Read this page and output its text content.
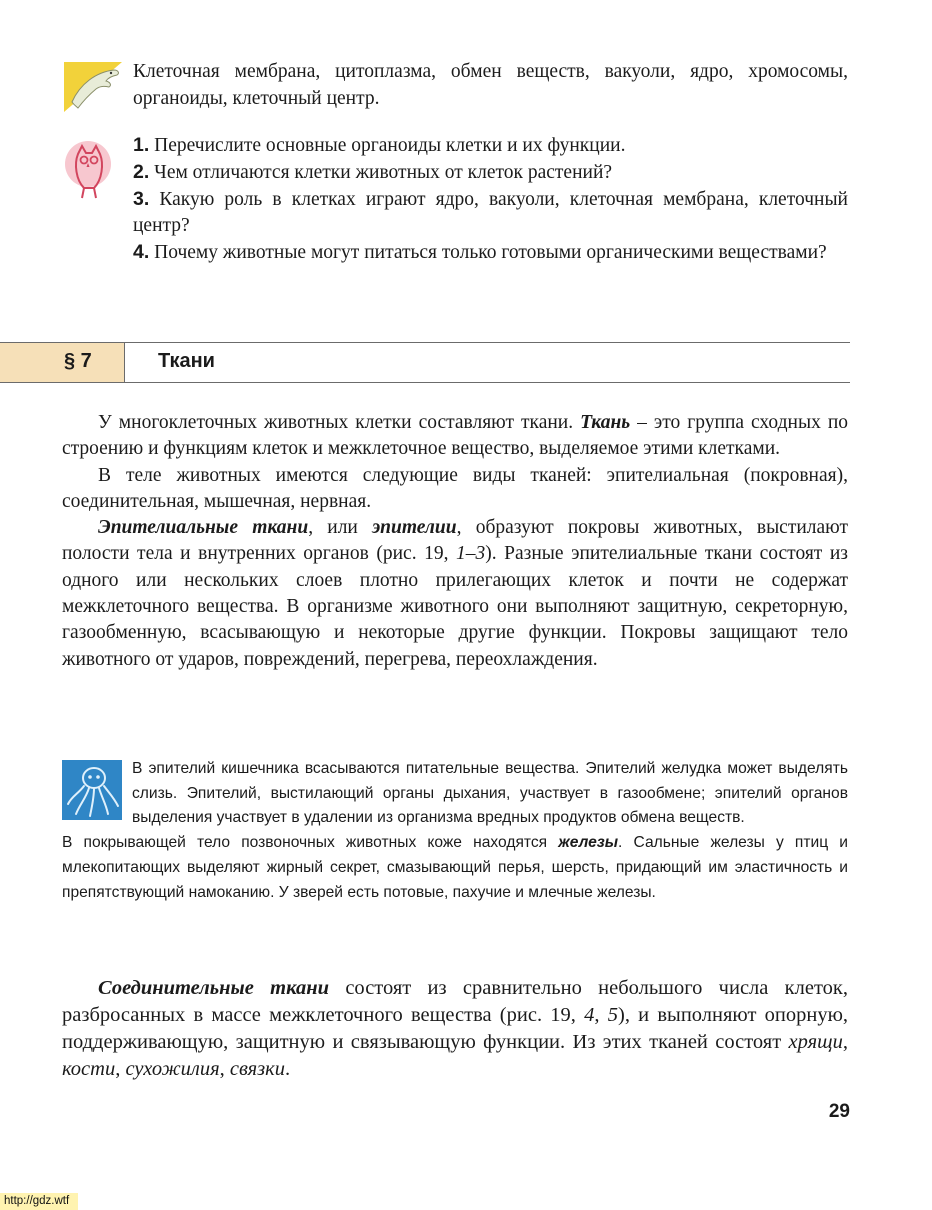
Клеточная мембрана, цитоплазма, обмен веществ, вакуоли, ядро, хромосомы, органоиды, клеточный центр.

1. Перечислите основные органоиды клетки и их функции.

2. Чем отличаются клетки животных от клеток растений?

3. Какую роль в клетках играют ядро, вакуоли, клеточная мембрана, клеточный центр?

4. Почему животные могут питаться только готовыми органическими веществами?

§ 7	Ткани

У многоклеточных животных клетки составляют ткани. Ткань – это группа сходных по строению и функциям клеток и межклеточное вещество, выделяемое этими клетками.

В теле животных имеются следующие виды тканей: эпителиальная (покровная), соединительная, мышечная, нервная.

Эпителиальные ткани, или эпителии, образуют покровы животных, выстилают полости тела и внутренних органов (рис. 19, 1–3). Разные эпителиальные ткани состоят из одного или нескольких слоев плотно прилегающих клеток и почти не содержат межклеточного вещества. В организме животного они выполняют защитную, секреторную, газообменную, всасывающую и некоторые другие функции. Покровы защищают тело животного от ударов, повреждений, перегрева, переохлаждения.

В эпителий кишечника всасываются питательные вещества. Эпителий желудка может выделять слизь. Эпителий, выстилающий органы дыхания, участвует в газообмене; эпителий органов выделения участвует в удалении из организма вредных продуктов обмена веществ.

В покрывающей тело позвоночных животных коже находятся железы. Сальные железы у птиц и млекопитающих выделяют жирный секрет, смазывающий перья, шерсть, придающий им эластичность и препятствующий намоканию. У зверей есть потовые, пахучие и млечные железы.

Соединительные ткани состоят из сравнительно небольшого числа клеток, разбросанных в массе межклеточного вещества (рис. 19, 4, 5), и выполняют опорную, поддерживающую, защитную и связывающую функции. Из этих тканей состоят хрящи, кости, сухожилия, связки.

29
http://gdz.wtf
